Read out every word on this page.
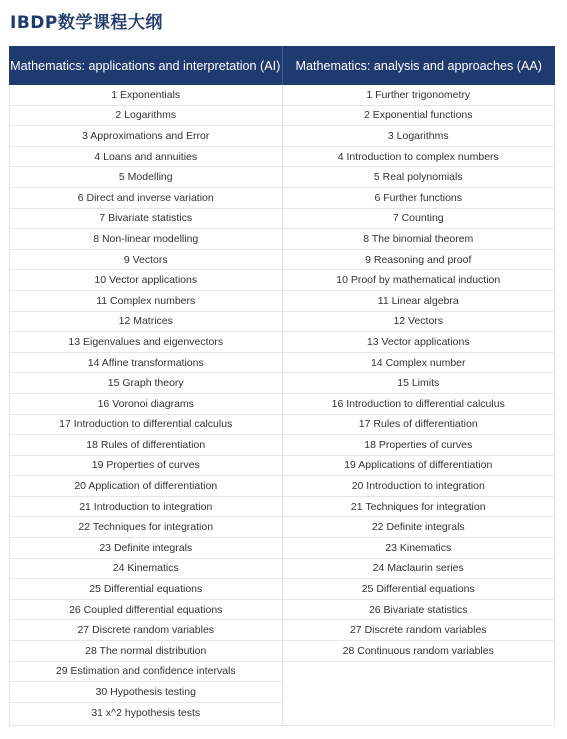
IBDP数学课程大纲
Mathematics: applications and interpretation (AI)	Mathematics: analysis and approaches (AA)
1 Exponentials
2 Logarithms
3 Approximations and Error
4 Loans and annuities
5 Modelling
6 Direct and inverse variation
7 Bivariate statistics
8 Non-linear modelling
9 Vectors
10 Vector applications
11 Complex numbers
12 Matrices
13 Eigenvalues and eigenvectors
14 Affine transformations
15 Graph theory
16 Voronoi diagrams
17 Introduction to differential calculus
18 Rules of differentiation
19 Properties of curves
20 Application of differentiation
21 Introduction to integration
22 Techniques for integration
23 Definite integrals
24 Kinematics
25 Differential equations
26 Coupled differential equations
27 Discrete random variables
28 The normal distribution
29 Estimation and confidence intervals
30 Hypothesis testing
31 x^2 hypothesis tests
1 Further trigonometry
2 Exponential functions
3 Logarithms
4 Introduction to complex numbers
5 Real polynomials
6 Further functions
7 Counting
8 The binomial theorem
9 Reasoning and proof
10 Proof by mathematical induction
11 Linear algebra
12 Vectors
13 Vector applications
14 Complex number
15 Limits
16 Introduction to differential calculus
17 Rules of differentiation
18 Properties of curves
19 Applications of differentiation
20 Introduction to integration
21 Techniques for integration
22 Definite integrals
23 Kinematics
24 Maclaurin series
25 Differential equations
26 Bivariate statistics
27 Discrete random variables
28 Continuous random variables
